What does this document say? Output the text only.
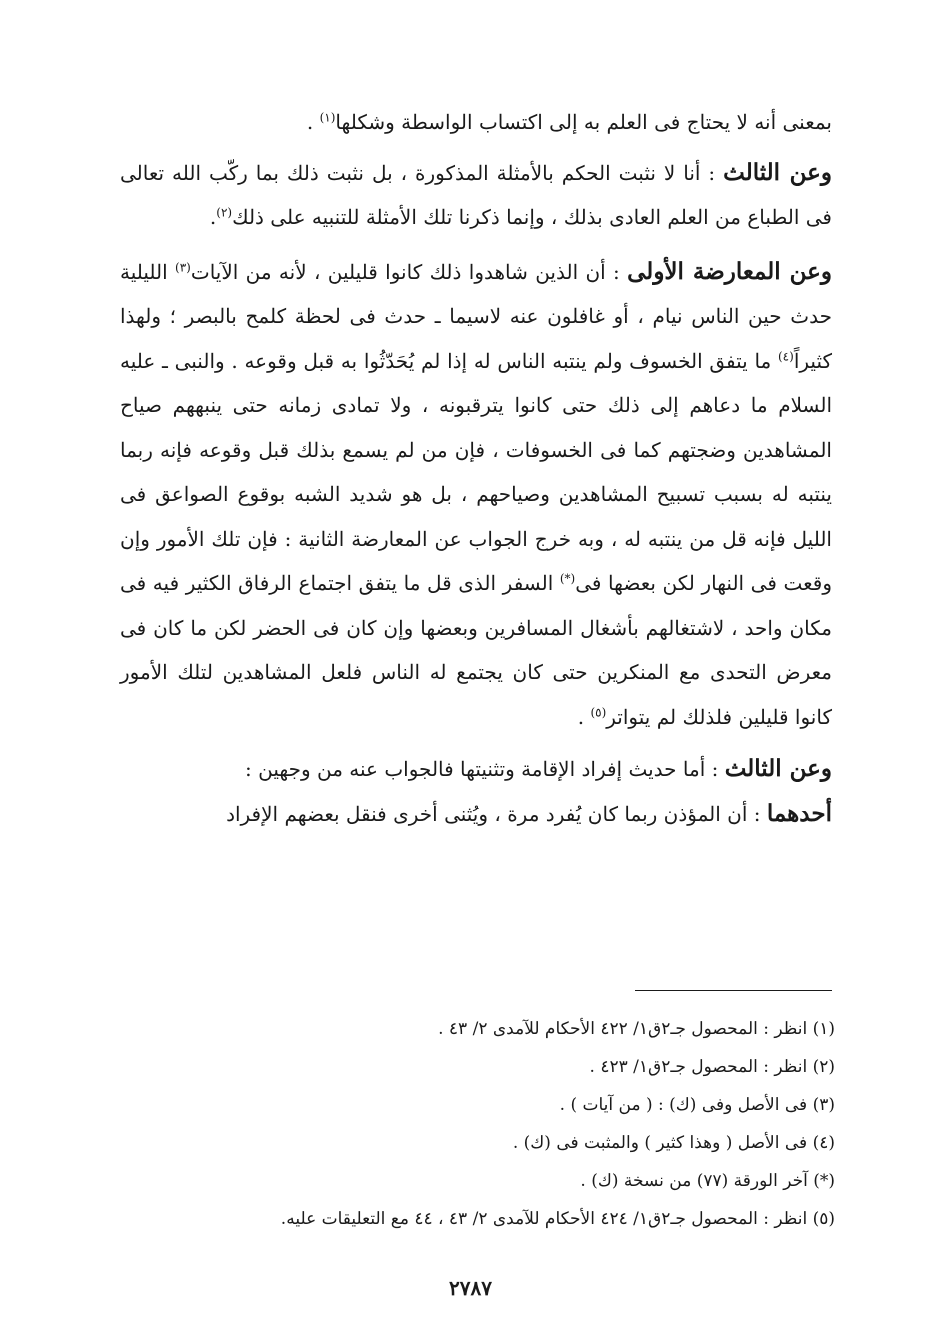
بمعنى أنه لا يحتاج فى العلم به إلى اكتساب الواسطة وشكلها$^{(١)}$ .

وعن الثالث : أنا لا نثبت الحكم بالأمثلة المذكورة ، بل نثبت ذلك بما ركّب الله تعالى فى الطباع من العلم العادى بذلك ، وإنما ذكرنا تلك الأمثلة للتنبيه على ذلك$^{(٢)}$.

وعن المعارضة الأولى : أن الذين شاهدوا ذلك كانوا قليلين ، لأنه من الآيات$^{(٣)}$ الليلية حدث حين الناس نيام ، أو غافلون عنه لاسيما ـ حدث فى لحظة كلمح بالبصر ؛ ولهذا كثيراً$^{(٤)}$ ما يتفق الخسوف ولم ينتبه الناس له إذا لم يُحَدّثُوا به قبل وقوعه . والنبى ـ عليه السلام ما دعاهم إلى ذلك حتى كانوا يترقبونه ، ولا تمادى زمانه حتى ينبههم صياح المشاهدين وضجتهم كما فى الخسوفات ، فإن من لم يسمع بذلك قبل وقوعه فإنه ربما ينتبه له بسبب تسبيح المشاهدين وصياحهم ، بل هو شديد الشبه بوقوع الصواعق فى الليل فإنه قل من ينتبه له ، وبه خرج الجواب عن المعارضة الثانية : فإن تلك الأمور وإن وقعت فى النهار لكن بعضها فى(*) السفر الذى قل ما يتفق اجتماع الرفاق الكثير فيه فى مكان واحد ، لاشتغالهم بأشغال المسافرين وبعضها وإن كان فى الحضر لكن ما كان فى معرض التحدى مع المنكرين حتى كان يجتمع له الناس فلعل المشاهدين لتلك الأمور كانوا قليلين فلذلك لم يتواتر$^{(٥)}$ .

وعن الثالث : أما حديث إفراد الإقامة وتثنيتها فالجواب عنه من وجهين :

أحدهما : أن المؤذن ربما كان يُفرد مرة ، ويُثنى أخرى فنقل بعضهم الإفراد

(١) انظر : المحصول جـ٢ق١/ ٤٢٢ الأحكام للآمدى ٢/ ٤٣ .
(٢) انظر : المحصول جـ٢ق١/ ٤٢٣ .
(٣) فى الأصل وفى (ك) : ( من آيات ) .
(٤) فى الأصل ( وهذا كثير ) والمثبت فى (ك) .
(*) آخر الورقة (٧٧) من نسخة (ك) .
(٥) انظر : المحصول جـ٢ق١/ ٤٢٤ الأحكام للآمدى ٢/ ٤٣ ، ٤٤ مع التعليقات عليه.
٢٧٨٧
